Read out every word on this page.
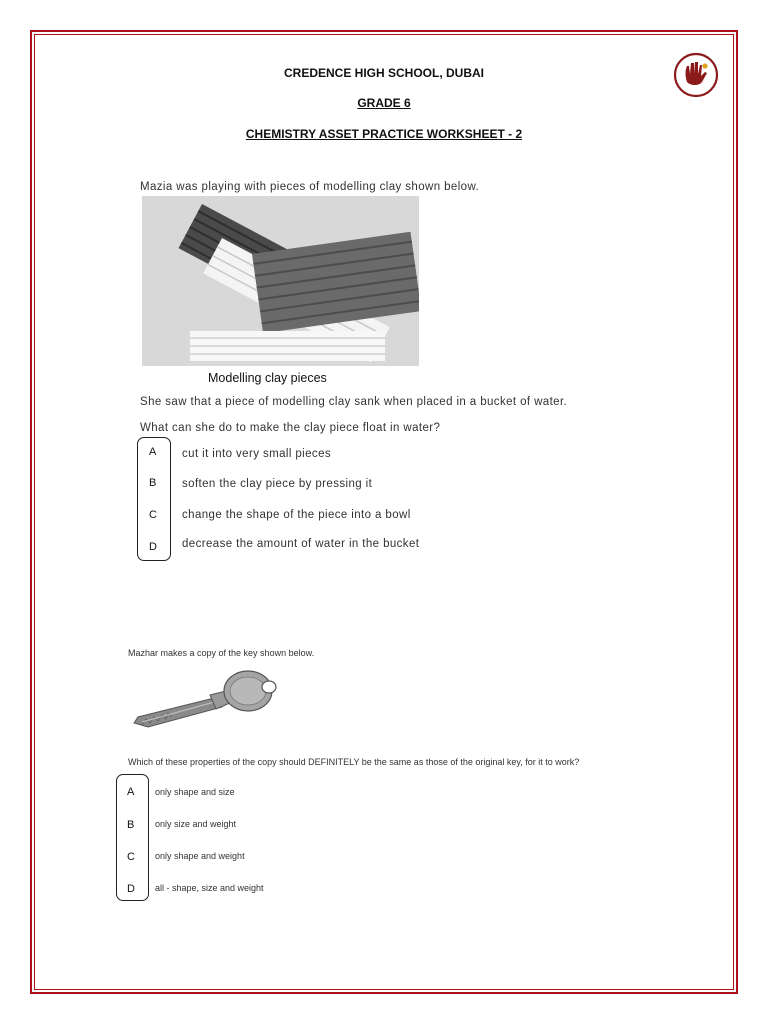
CREDENCE HIGH SCHOOL, DUBAI
GRADE 6
CHEMISTRY ASSET PRACTICE WORKSHEET - 2
Mazia was playing with pieces of modelling clay shown below.
Modelling clay pieces
She saw that a piece of modelling clay sank when placed in a bucket of water.
What can she do to make the clay piece float in water?
A cut it into very small pieces
B soften the clay piece by pressing it
C change the shape of the piece into a bowl
D decrease the amount of water in the bucket
Mazhar makes a copy of the key shown below.
Which of these properties of the copy should DEFINITELY be the same as those of the original key, for it to work?
A only shape and size
B only size and weight
C only shape and weight
D all - shape, size and weight
